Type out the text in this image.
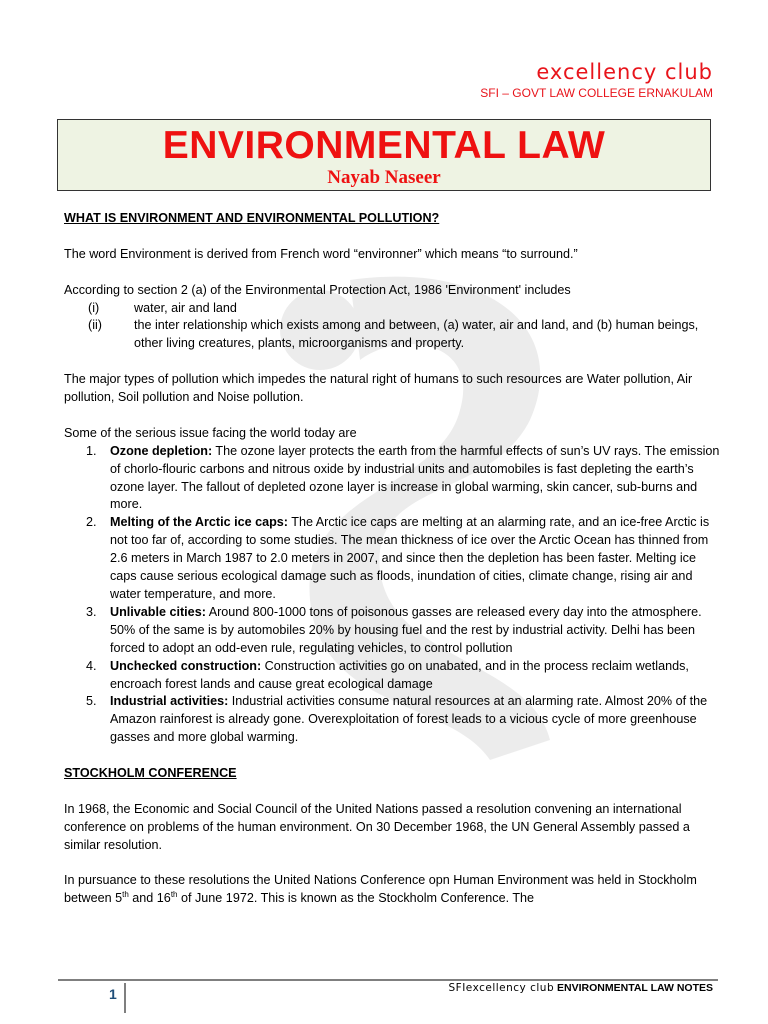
excellency club
SFI – GOVT LAW COLLEGE ERNAKULAM
ENVIRONMENTAL LAW
Nayab Naseer

WHAT IS ENVIRONMENT AND ENVIRONMENTAL POLLUTION?

The word Environment is derived from French word “environner” which means “to surround.”

According to section 2 (a) of the Environmental Protection Act, 1986 'Environment' includes

(i)	water, air and land
(ii)	the inter relationship which exists among and between, (a) water, air and land, and (b) human beings, other living creatures, plants, microorganisms and property.

The major types of pollution which impedes the natural right of humans to such resources are Water pollution, Air pollution, Soil pollution and Noise pollution.

Some of the serious issue facing the world today are

1.	Ozone depletion: The ozone layer protects the earth from the harmful effects of sun’s UV rays. The emission of chorlo-flouric carbons and nitrous oxide by industrial units and automobiles is fast depleting the earth’s ozone layer. The fallout of depleted ozone layer is increase in global warming, skin cancer, sub-burns and more.
2.	Melting of the Arctic ice caps: The Arctic ice caps are melting at an alarming rate, and an ice-free Arctic is not too far of, according to some studies. The mean thickness of ice over the Arctic Ocean has thinned from 2.6 meters in March 1987 to 2.0 meters in 2007, and since then the depletion has been faster. Melting ice caps cause serious ecological damage such as floods, inundation of cities, climate change, rising air and water temperature, and more.
3.	Unlivable cities: Around 800-1000 tons of poisonous gasses are released every day into the atmosphere. 50% of the same is by automobiles 20% by housing fuel and the rest by industrial activity. Delhi has been forced to adopt an odd-even rule, regulating vehicles, to control pollution
4.	Unchecked construction: Construction activities go on unabated, and in the process reclaim wetlands, encroach forest lands and cause great ecological damage
5.	Industrial activities: Industrial activities consume natural resources at an alarming rate. Almost 20% of the Amazon rainforest is already gone. Overexploitation of forest leads to a vicious cycle of more greenhouse gasses and more global warming.

STOCKHOLM CONFERENCE

In 1968, the Economic and Social Council of the United Nations passed a resolution convening an international conference on problems of the human environment. On 30 December 1968, the UN General Assembly passed a similar resolution.

In pursuance to these resolutions the United Nations Conference opn Human Environment was held in Stockholm between 5th and 16th of June 1972. This is known as the Stockholm Conference. The

1	SFIexcellency club ENVIRONMENTAL LAW NOTES
